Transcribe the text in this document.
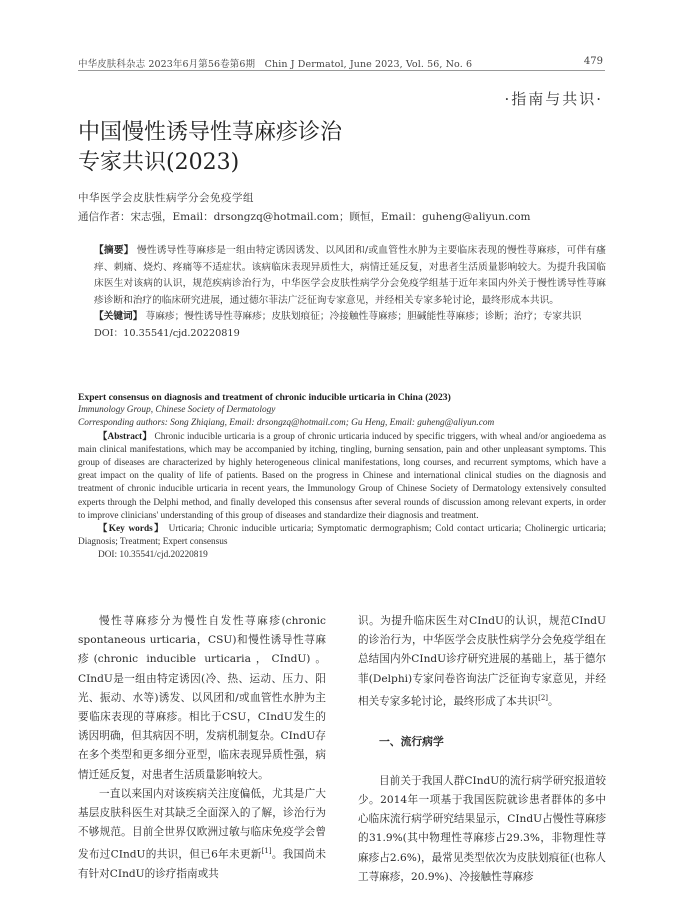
中华皮肤科杂志 2023年6月第56卷第6期　Chin J Dermatol, June 2023, Vol. 56, No. 6	479
·指南与共识·
中国慢性诱导性荨麻疹诊治
专家共识(2023)
中华医学会皮肤性病学分会免疫学组
通信作者：宋志强，Email：drsongzq@hotmail.com；顾恒，Email：guheng@aliyun.com
【摘要】 慢性诱导性荨麻疹是一组由特定诱因诱发、以风团和/或血管性水肿为主要临床表现的慢性荨麻疹，可伴有瘙痒、刺痛、烧灼、疼痛等不适症状。该病临床表现异质性大，病情迁延反复，对患者生活质量影响较大。为提升我国临床医生对该病的认识，规范疾病诊治行为，中华医学会皮肤性病学分会免疫学组基于近年来国内外关于慢性诱导性荨麻疹诊断和治疗的临床研究进展，通过德尔菲法广泛征询专家意见，并经相关专家多轮讨论，最终形成本共识。
【关键词】 荨麻疹；慢性诱导性荨麻疹；皮肤划痕征；冷接触性荨麻疹；胆碱能性荨麻疹；诊断；治疗；专家共识
DOI：10.35541/cjd.20220819
Expert consensus on diagnosis and treatment of chronic inducible urticaria in China (2023)
Immunology Group, Chinese Society of Dermatology
Corresponding authors: Song Zhiqiang, Email: drsongzq@hotmail.com; Gu Heng, Email: guheng@aliyun.com
【Abstract】 Chronic inducible urticaria is a group of chronic urticaria induced by specific triggers, with wheal and/or angioedema as main clinical manifestations, which may be accompanied by itching, tingling, burning sensation, pain and other unpleasant symptoms. This group of diseases are characterized by highly heterogeneous clinical manifestations, long courses, and recurrent symptoms, which have a great impact on the quality of life of patients. Based on the progress in Chinese and international clinical studies on the diagnosis and treatment of chronic inducible urticaria in recent years, the Immunology Group of Chinese Society of Dermatology extensively consulted experts through the Delphi method, and finally developed this consensus after several rounds of discussion among relevant experts, in order to improve clinicians' understanding of this group of diseases and standardize their diagnosis and treatment.
【Key words】 Urticaria; Chronic inducible urticaria; Symptomatic dermographism; Cold contact urticaria; Cholinergic urticaria; Diagnosis; Treatment; Expert consensus
DOI: 10.35541/cjd.20220819

慢性荨麻疹分为慢性自发性荨麻疹(chronic spontaneous urticaria，CSU)和慢性诱导性荨麻疹(chronic inducible urticaria，CIndU)。CIndU是一组由特定诱因(冷、热、运动、压力、阳光、振动、水等)诱发、以风团和/或血管性水肿为主要临床表现的荨麻疹。相比于CSU，CIndU发生的诱因明确，但其病因不明，发病机制复杂。CIndU存在多个类型和更多细分亚型，临床表现异质性强，病情迁延反复，对患者生活质量影响较大。

一直以来国内对该疾病关注度偏低，尤其是广大基层皮肤科医生对其缺乏全面深入的了解，诊治行为不够规范。目前全世界仅欧洲过敏与临床免疫学会曾发布过CIndU的共识，但已6年未更新[1]。我国尚未有针对CIndU的诊疗指南或共

识。为提升临床医生对CIndU的认识，规范CIndU的诊治行为，中华医学会皮肤性病学分会免疫学组在总结国内外CIndU诊疗研究进展的基础上，基于德尔菲(Delphi)专家问卷咨询法广泛征询专家意见，并经相关专家多轮讨论，最终形成了本共识[2]。

一、流行病学

目前关于我国人群CIndU的流行病学研究报道较少。2014年一项基于我国医院就诊患者群体的多中心临床流行病学研究结果显示，CIndU占慢性荨麻疹的31.9%(其中物理性荨麻疹占29.3%，非物理性荨麻疹占2.6%)，最常见类型依次为皮肤划痕征(也称人工荨麻疹，20.9%)、冷接触性荨麻疹
